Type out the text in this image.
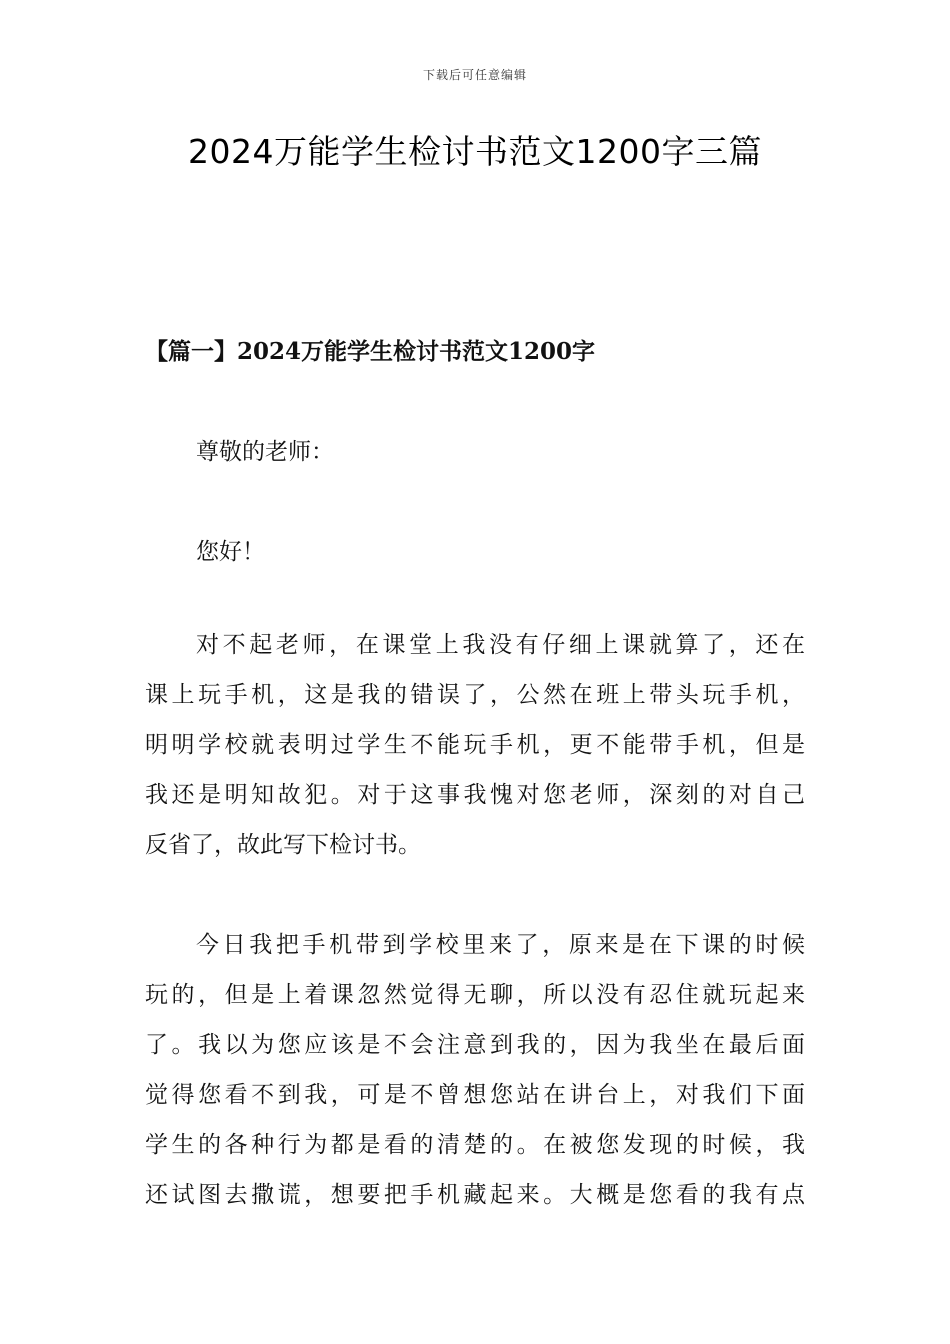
下载后可任意编辑
2024万能学生检讨书范文1200字三篇
【篇一】2024万能学生检讨书范文1200字
尊敬的老师：
您好！
对不起老师，在课堂上我没有仔细上课就算了，还在
课上玩手机，这是我的错误了，公然在班上带头玩手机，
明明学校就表明过学生不能玩手机，更不能带手机，但是
我还是明知故犯。对于这事我愧对您老师，深刻的对自己
反省了，故此写下检讨书。
今日我把手机带到学校里来了，原来是在下课的时候
玩的，但是上着课忽然觉得无聊，所以没有忍住就玩起来
了。我以为您应该是不会注意到我的，因为我坐在最后面
觉得您看不到我，可是不曾想您站在讲台上，对我们下面
学生的各种行为都是看的清楚的。在被您发现的时候，我
还试图去撒谎，想要把手机藏起来。大概是您看的我有点
